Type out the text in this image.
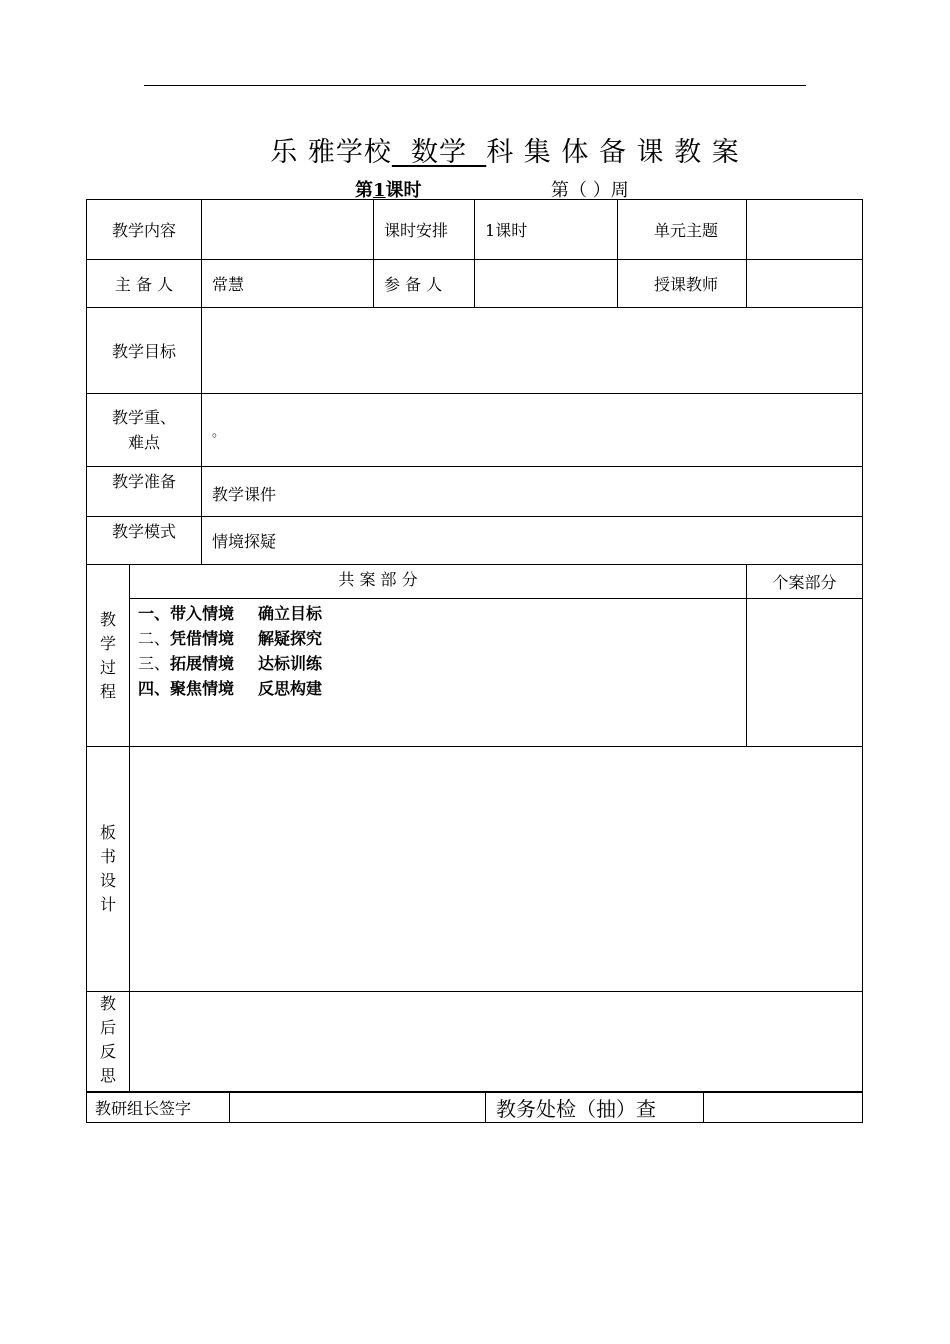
乐 雅学校 数学 科 集 体 备 课 教 案
第1课时	第（ ）周
教学内容			课时安排	1课时	单元主题	
主 备 人		常慧	参 备 人		授课教师	
教学目标						

教学重、
难点		。				
教学准备		教学课件				
教学模式		情境探疑				

教学过程	共 案 部 分					个案部分

	一、带入情境 确立目标
二、凭借情境 解疑探究
三、拓展情境 达标训练
四、聚焦情境 反思构建					

板书设计						

教后反思						

教研组长签字		教务处检（抽）查	
